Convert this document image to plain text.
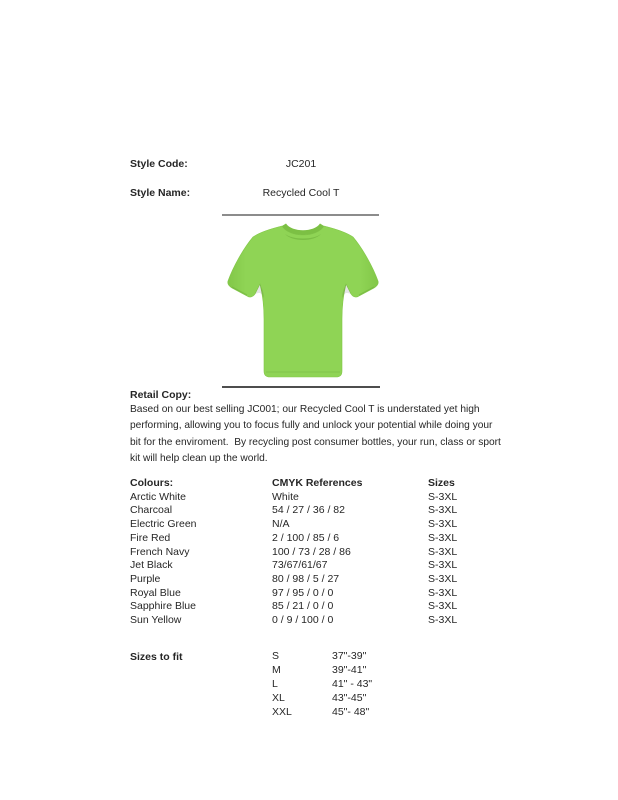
Style Code:	JC201
Style Name:	Recycled Cool T
Retail Copy:
Based on our best selling JC001; our Recycled Cool T is understated yet high
performing, allowing you to focus fully and unlock your potential while doing your
bit for the enviroment.  By recycling post consumer bottles, your run, class or sport
kit will help clean up the world.
Colours:	CMYK References	Sizes
Arctic White	White	S-3XL
Charcoal	54 / 27 / 36 / 82	S-3XL
Electric Green	N/A	S-3XL
Fire Red	2 / 100 / 85 / 6	S-3XL
French Navy	100 / 73 / 28 / 86	S-3XL
Jet Black	73/67/61/67	S-3XL
Purple	80 / 98 / 5 / 27	S-3XL
Royal Blue	97 / 95 / 0 / 0	S-3XL
Sapphire Blue	85 / 21 / 0 / 0	S-3XL
Sun Yellow	0 / 9 / 100 / 0	S-3XL
Sizes to fit	S	37"-39"
M	39"-41"
L	41" - 43"
XL	43"-45"
XXL	45"- 48"
